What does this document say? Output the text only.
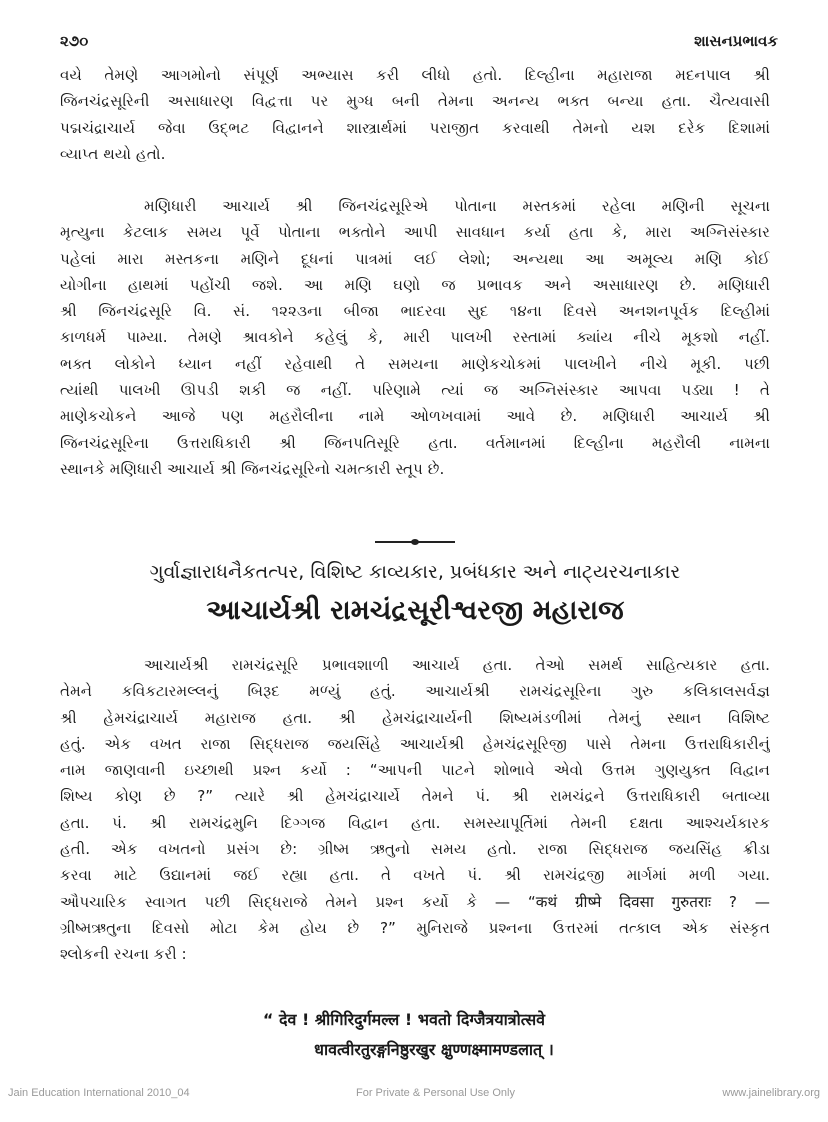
૨૭૦	શાસનપ્રભાવક
વયે તેમણે આગમોનો સંપૂર્ણ અભ્યાસ કરી લીધો હતો. દિલ્હીના મહારાજા મદનપાલ શ્રી
જિનચંદ્રસૂરિની અસાધારણ વિદ્વત્તા પર મુગ્ધ બની તેમના અનન્ય ભક્ત બન્યા હતા. ચૈત્યવાસી
પદ્મચંદ્રાચાર્ય જેવા ઉદ્ભટ વિદ્વાનને શાસ્ત્રાર્થમાં પરાજીત કરવાથી તેમનો યશ દરેક દિશામાં
વ્યાપ્ત થયો હતો.
મણિધારી આચાર્ય શ્રી જિનચંદ્રસૂરિએ પોતાના મસ્તકમાં રહેલા મણિની સૂચના
મૃત્યુના કેટલાક સમય પૂર્વે પોતાના ભક્તોને આપી સાવધાન કર્યા હતા કે, મારા અગ્નિસંસ્કાર
પહેલાં મારા મસ્તકના મણિને દૂધનાં પાત્રમાં લઈ લેશો; અન્યથા આ અમૂલ્ય મણિ કોઈ
યોગીના હાથમાં પહોંચી જશે. આ મણિ ઘણો જ પ્રભાવક અને અસાધારણ છે. મણિધારી
શ્રી જિનચંદ્રસૂરિ વિ. સં. ૧૨૨૩ના બીજા ભાદરવા સુદ ૧૪ના દિવસે અનશનપૂર્વક દિલ્હીમાં
કાળધર્મ પામ્યા. તેમણે શ્રાવકોને કહેલું કે, મારી પાલખી રસ્તામાં ક્યાંય નીચે મૂકશો નહીં.
ભક્ત લોકોને ધ્યાન નહીં રહેવાથી તે સમયના માણેકચોકમાં પાલખીને નીચે મૂકી. પછી
ત્યાંથી પાલખી ઊપડી શકી જ નહીં. પરિણામે ત્યાં જ અગ્નિસંસ્કાર આપવા પડ્યા ! તે
માણેકચોકને આજે પણ મહરૌલીના નામે ઓળખવામાં આવે છે. મણિધારી આચાર્ય શ્રી
જિનચંદ્રસૂરિના ઉત્તરાધિકારી શ્રી જિનપતિસૂરિ હતા. વર્તમાનમાં દિલ્હીના મહરૌલી નામના
સ્થાનકે મણિધારી આચાર્ય શ્રી જિનચંદ્રસૂરિનો ચમત્કારી સ્તૂપ છે.
ગુર્વાજ્ઞારાધનૈકતત્પર, વિશિષ્ટ કાવ્યકાર, પ્રબંધકાર અને નાટ્યરચનાકાર
આચાર્યશ્રી રામચંદ્રસૂરીશ્વરજી મહારાજ
આચાર્યશ્રી રામચંદ્રસૂરિ પ્રભાવશાળી આચાર્ય હતા. તેઓ સમર્થ સાહિત્યકાર હતા.
તેમને કવિકટારમલ્લનું બિરૂદ મળ્યું હતું. આચાર્યશ્રી રામચંદ્રસૂરિના ગુરુ કલિકાલસર્વજ્ઞ
શ્રી હેમચંદ્રાચાર્ય મહારાજ હતા. શ્રી હેમચંદ્રાચાર્યની શિષ્યમંડળીમાં તેમનું સ્થાન વિશિષ્ટ
હતું. એક વખત રાજા સિદ્ધરાજ જયસિંહે આચાર્યશ્રી હેમચંદ્રસૂરિજી પાસે તેમના ઉત્તરાધિકારીનું
નામ જાણવાની ઇચ્છાથી પ્રશ્ન કર્યો : “આપની પાટને શોભાવે એવો ઉત્તમ ગુણયુક્ત વિદ્વાન
શિષ્ય કોણ છે ?” ત્યારે શ્રી હેમચંદ્રાચાર્યે તેમને પં. શ્રી રામચંદ્રને ઉત્તરાધિકારી બતાવ્યા
હતા. પં. શ્રી રામચંદ્રમુનિ દિગ્ગજ વિદ્વાન હતા. સમસ્યાપૂર્તિમાં તેમની દક્ષતા આશ્ચર્યકારક
હતી. એક વખતનો પ્રસંગ છે: ગ્રીષ્મ ઋતુનો સમય હતો. રાજા સિદ્ધરાજ જયસિંહ ક્રીડા
કરવા માટે ઉદ્યાનમાં જઈ રહ્યા હતા. તે વખતે પં. શ્રી રામચંદ્રજી માર્ગમાં મળી ગયા.
ઔપચારિક સ્વાગત પછી સિદ્ધરાજે તેમને પ્રશ્ન કર્યો કે — “कथं ग्रीष्मे दिवसा गुरुतराः ? —
ગ્રીષ્મઋતુના દિવસો મોટા કેમ હોય છે ?” મુનિરાજે પ્રશ્નના ઉત્તરમાં તત્કાલ એક સંસ્કૃત
શ્લોકની રચના કરી :
“ देव ! श्रीगिरिदुर्गमल्ल ! भवतो दिग्जैत्रयात्रोत्सवे
धावत्वीरतुरङ्गनिष्ठुरखुर क्षुण्णक्ष्मामण्डलात् ।
Jain Education International 2010_04	For Private & Personal Use Only	www.jainelibrary.org
